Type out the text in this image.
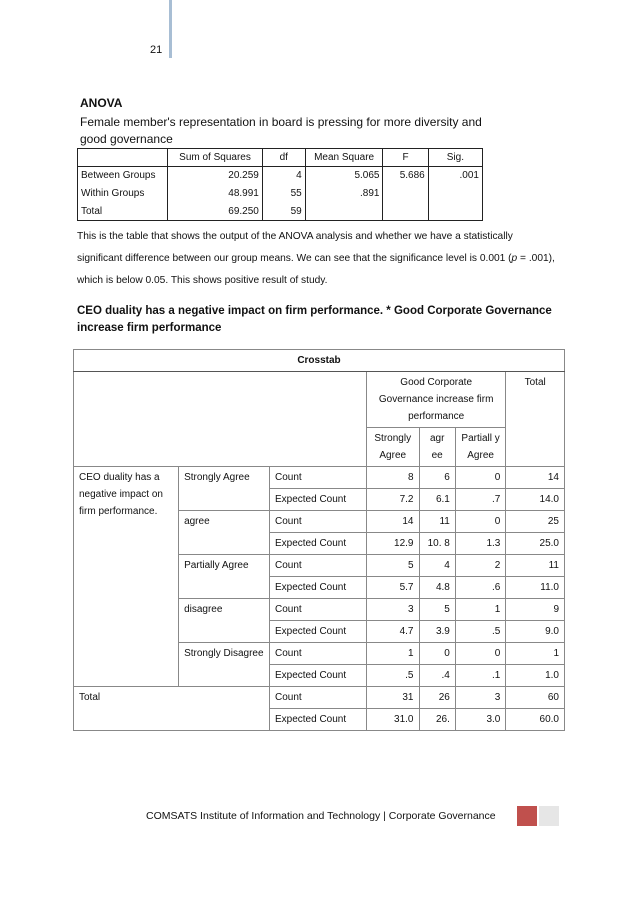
21
ANOVA
Female member's representation in board is pressing for more diversity and good governance
	Sum of Squares	df	Mean Square	F	Sig.
Between Groups	20.259	4	5.065	5.686	.001
Within Groups	48.991	55	.891		
Total	69.250	59			
This is the table that shows the output of the ANOVA analysis and whether we have a statistically significant difference between our group means. We can see that the significance level is 0.001 (p = .001), which is below 0.05. This shows positive result of study.
CEO duality has a negative impact on firm performance. * Good Corporate Governance increase firm performance
Crosstab						
			Good Corporate Governance increase firm performance			Total
			Strongly Agree	agr ee	Partiall y Agree	
CEO duality has a negative impact on firm performance.	Strongly Agree	Count	8	6	0	14
		Expected Count	7.2	6.1	.7	14.0
	agree	Count	14	11	0	25
		Expected Count	12.9	10. 8	1.3	25.0
	Partially Agree	Count	5	4	2	11
		Expected Count	5.7	4.8	.6	11.0
	disagree	Count	3	5	1	9
		Expected Count	4.7	3.9	.5	9.0
	Strongly Disagree	Count	1	0	0	1
		Expected Count	.5	.4	.1	1.0
Total		Count	31	26	3	60
		Expected Count	31.0	26.	3.0	60.0
COMSATS Institute of Information and Technology | Corporate Governance
